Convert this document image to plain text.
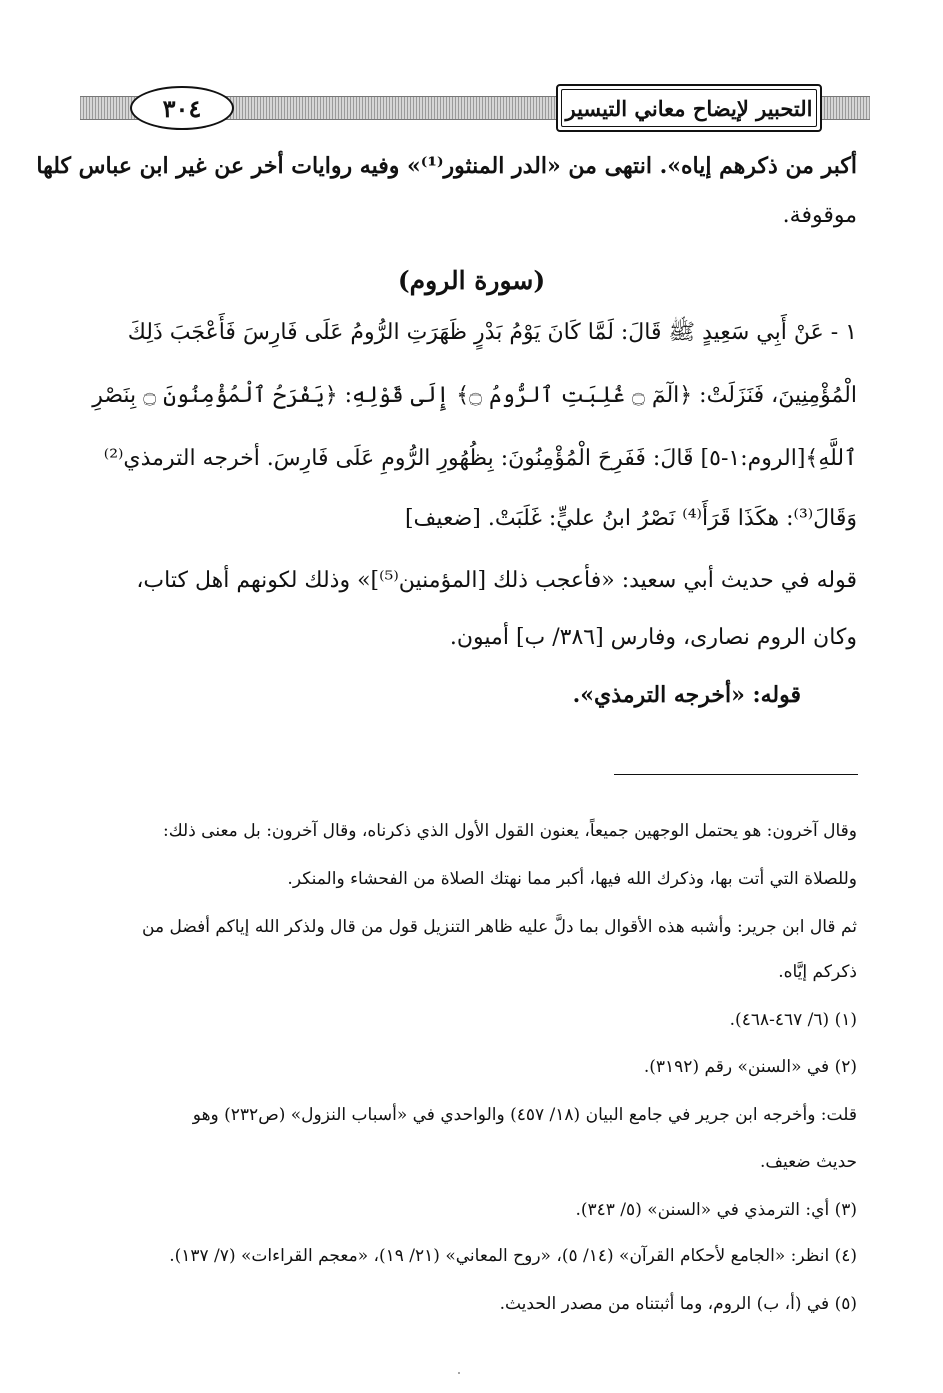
التحبير لإيضاح معاني التيسير
٣٠٤
أكبر من ذكرهم إياه». انتهى من «الدر المنثور⁽¹⁾» وفيه روايات أخر عن غير ابن عباس كلها
موقوفة.
١ - عَنْ أَبِي سَعِيدٍ ﷺ قَالَ: لَمَّا كَانَ يَوْمُ بَدْرٍ ظَهَرَتِ الرُّومُ عَلَى فَارِسَ فَأَعْجَبَ ذَلِكَ
الْمُؤْمِنِينَ، فَنَزَلَتْ: ﴿الٓمٓ ۝ غُلِبَتِ ٱلرُّومُ ۝﴾ إِلَى قَوْلِهِ: ﴿يَفْرَحُ ٱلْمُؤْمِنُونَ ۝ بِنَصْرِ
ٱللَّهِ﴾[الروم:١-٥] قَالَ: فَفَرِحَ الْمُؤْمِنُونَ: بِظُهُورِ الرُّومِ عَلَى فَارِسَ. أخرجه الترمذي⁽²⁾
وَقَالَ⁽³⁾: هكَذَا قَرَأَ⁽⁴⁾ نَصْرُ ابنُ عليٍّ: غَلَبَتْ. [ضعيف]
قوله في حديث أبي سعيد: «فأعجب ذلك [المؤمنين⁽⁵⁾]» وذلك لكونهم أهل كتاب،
وكان الروم نصارى، وفارس [٣٨٦/ ب] أميون.
قوله: «أخرجه الترمذي».
(سورة الروم)
وقال آخرون: هو يحتمل الوجهين جميعاً، يعنون القول الأول الذي ذكرناه، وقال آخرون: بل معنى ذلك:
وللصلاة التي أتت بها، وذكرك الله فيها، أكبر مما نهتك الصلاة من الفحشاء والمنكر.
ثم قال ابن جرير: وأشبه هذه الأقوال بما دلَّ عليه ظاهر التنزيل قول من قال ولذكر الله إياكم أفضل من
ذكركم إيَّاه.
(١) (٦/ ٤٦٧-٤٦٨).
(٢) في «السنن» رقم (٣١٩٢).
قلت: وأخرجه ابن جرير في جامع البيان (١٨/ ٤٥٧) والواحدي في «أسباب النزول» (ص٢٣٢) وهو
حديث ضعيف.
(٣) أي: الترمذي في «السنن» (٥/ ٣٤٣).
(٤) انظر: «الجامع لأحكام القرآن» (١٤/ ٥)، «روح المعاني» (٢١/ ١٩)، «معجم القراءات» (٧/ ١٣٧).
(٥) في (أ، ب) الروم، وما أثبتناه من مصدر الحديث.
